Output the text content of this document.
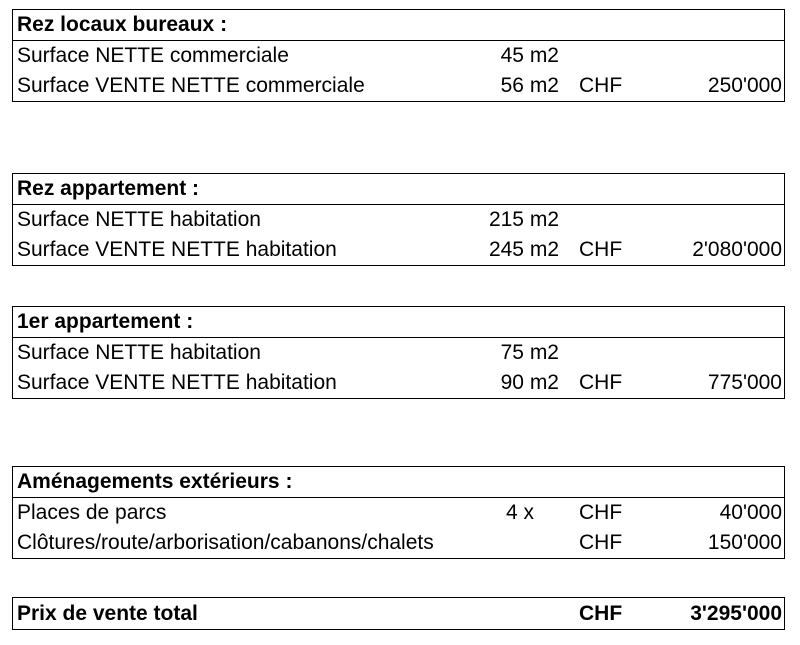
Rez locaux bureaux :
Surface NETTE commerciale	45 m2
Surface VENTE NETTE commerciale	56 m2 CHF	250'000
Rez appartement :
Surface NETTE habitation	215 m2
Surface VENTE NETTE habitation	245 m2 CHF	2'080'000
1er appartement :
Surface NETTE habitation	75 m2
Surface VENTE NETTE habitation	90 m2 CHF	775'000
Aménagements extérieurs :
Places de parcs	4 x CHF	40'000
Clôtures/route/arborisation/cabanons/chalets	CHF	150'000
Prix de vente total	CHF	3'295'000
